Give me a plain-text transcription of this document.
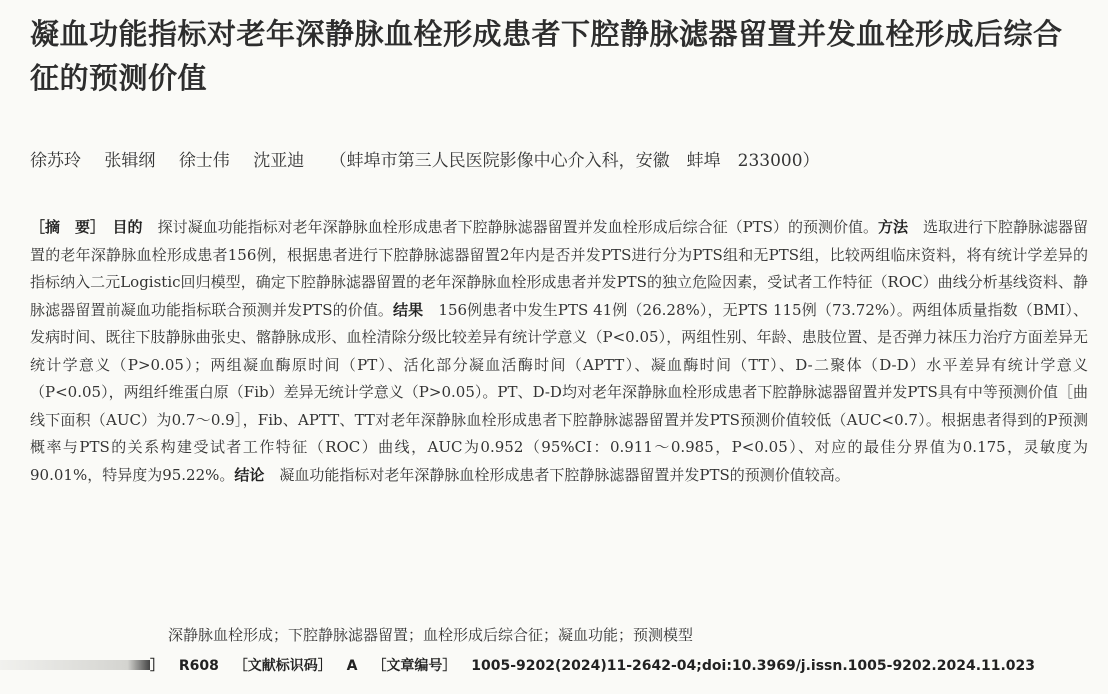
凝血功能指标对老年深静脉血栓形成患者下腔静脉滤器留置并发血栓形成后综合征的预测价值
徐苏玲 张辑纲 徐士伟 沈亚迪 （蚌埠市第三人民医院影像中心介入科，安徽　蚌埠　233000）

［摘　要］　 目的　 探讨凝血功能指标对老年深静脉血栓形成患者下腔静脉滤器留置并发血栓形成后综合征（PTS）的预测价值。方法　 选取进行下腔静脉滤器留置的老年深静脉血栓形成患者156例，根据患者进行下腔静脉滤器留置2年内是否并发PTS进行分为PTS组和无PTS组，比较两组临床资料，将有统计学差异的指标纳入二元Logistic回归模型，确定下腔静脉滤器留置的老年深静脉血栓形成患者并发PTS的独立危险因素，受试者工作特征（ROC）曲线分析基线资料、静脉滤器留置前凝血功能指标联合预测并发PTS的价值。结果　 156例患者中发生PTS 41例（26.28%），无PTS 115例（73.72%）。两组体质量指数（BMI）、发病时间、既往下肢静脉曲张史、髂静脉成形、血栓清除分级比较差异有统计学意义（P<0.05），两组性别、年龄、患肢位置、是否弹力袜压力治疗方面差异无统计学意义（P>0.05）；两组凝血酶原时间（PT）、活化部分凝血活酶时间（APTT）、凝血酶时间（TT）、D-二聚体（D-D）水平差异有统计学意义（P<0.05），两组纤维蛋白原（Fib）差异无统计学意义（P>0.05）。PT、D-D均对老年深静脉血栓形成患者下腔静脉滤器留置并发PTS具有中等预测价值［曲线下面积（AUC）为0.7～0.9］，Fib、APTT、TT对老年深静脉血栓形成患者下腔静脉滤器留置并发PTS预测价值较低（AUC<0.7）。根据患者得到的P预测概率与PTS的关系构建受试者工作特征（ROC）曲线，AUC为0.952（95%CI：0.911～0.985，P<0.05）、对应的最佳分界值为0.175，灵敏度为90.01%，特异度为95.22%。结论　 凝血功能指标对老年深静脉血栓形成患者下腔静脉滤器留置并发PTS的预测价值较高。

深静脉血栓形成；下腔静脉滤器留置；血栓形成后综合征；凝血功能；预测模型
］ R608 ［文献标识码］ A ［文章编号］ 1005-9202(2024)11-2642-04;doi:10.3969/j.issn.1005-9202.2024.11.023
